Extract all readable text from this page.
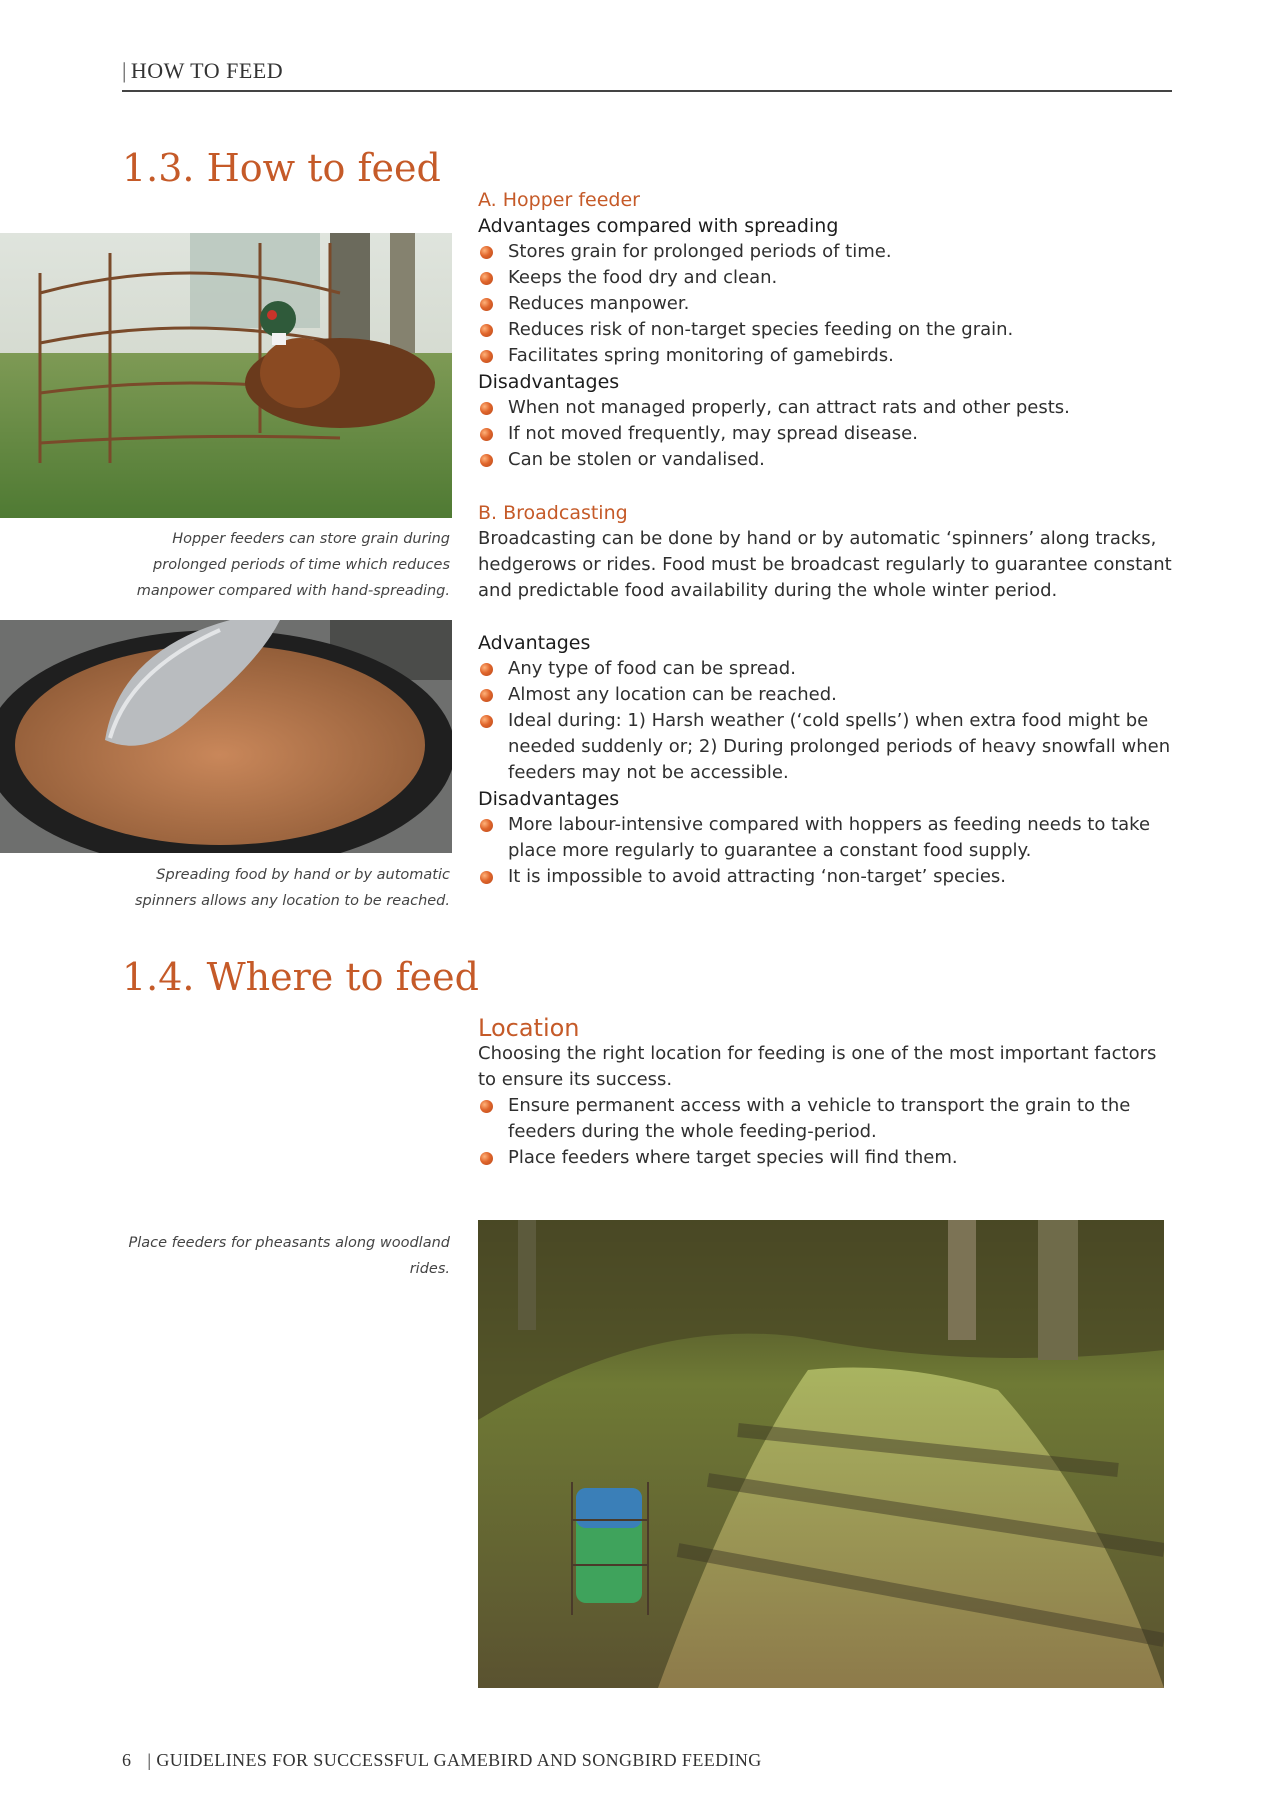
| HOW TO FEED
1.3. How to feed
Hopper feeders can store grain during prolonged periods of time which reduces manpower compared with hand-spreading.
Spreading food by hand or by automatic spinners allows any location to be reached.
A. Hopper feeder
Advantages compared with spreading
Stores grain for prolonged periods of time.
Keeps the food dry and clean.
Reduces manpower.
Reduces risk of non-target species feeding on the grain.
Facilitates spring monitoring of gamebirds.
Disadvantages
When not managed properly, can attract rats and other pests.
If not moved frequently, may spread disease.
Can be stolen or vandalised.
B. Broadcasting

Broadcasting can be done by hand or by automatic ‘spinners’ along tracks, hedgerows or rides. Food must be broadcast regularly to guarantee constant and predictable food availability during the whole winter period.

Advantages
Any type of food can be spread.
Almost any location can be reached.
Ideal during: 1) Harsh weather (‘cold spells’) when extra food might be needed suddenly or; 2) During prolonged periods of heavy snowfall when feeders may not be accessible.
Disadvantages
More labour-intensive compared with hoppers as feeding needs to take place more regularly to guarantee a constant food supply.
It is impossible to avoid attracting ‘non-target’ species.
1.4. Where to feed
Location

Choosing the right location for feeding is one of the most important factors to ensure its success.

Ensure permanent access with a vehicle to transport the grain to the feeders during the whole feeding-period.
Place feeders where target species will find them.
Place feeders for pheasants along woodland rides.
6 | GUIDELINES FOR SUCCESSFUL GAMEBIRD AND SONGBIRD FEEDING
